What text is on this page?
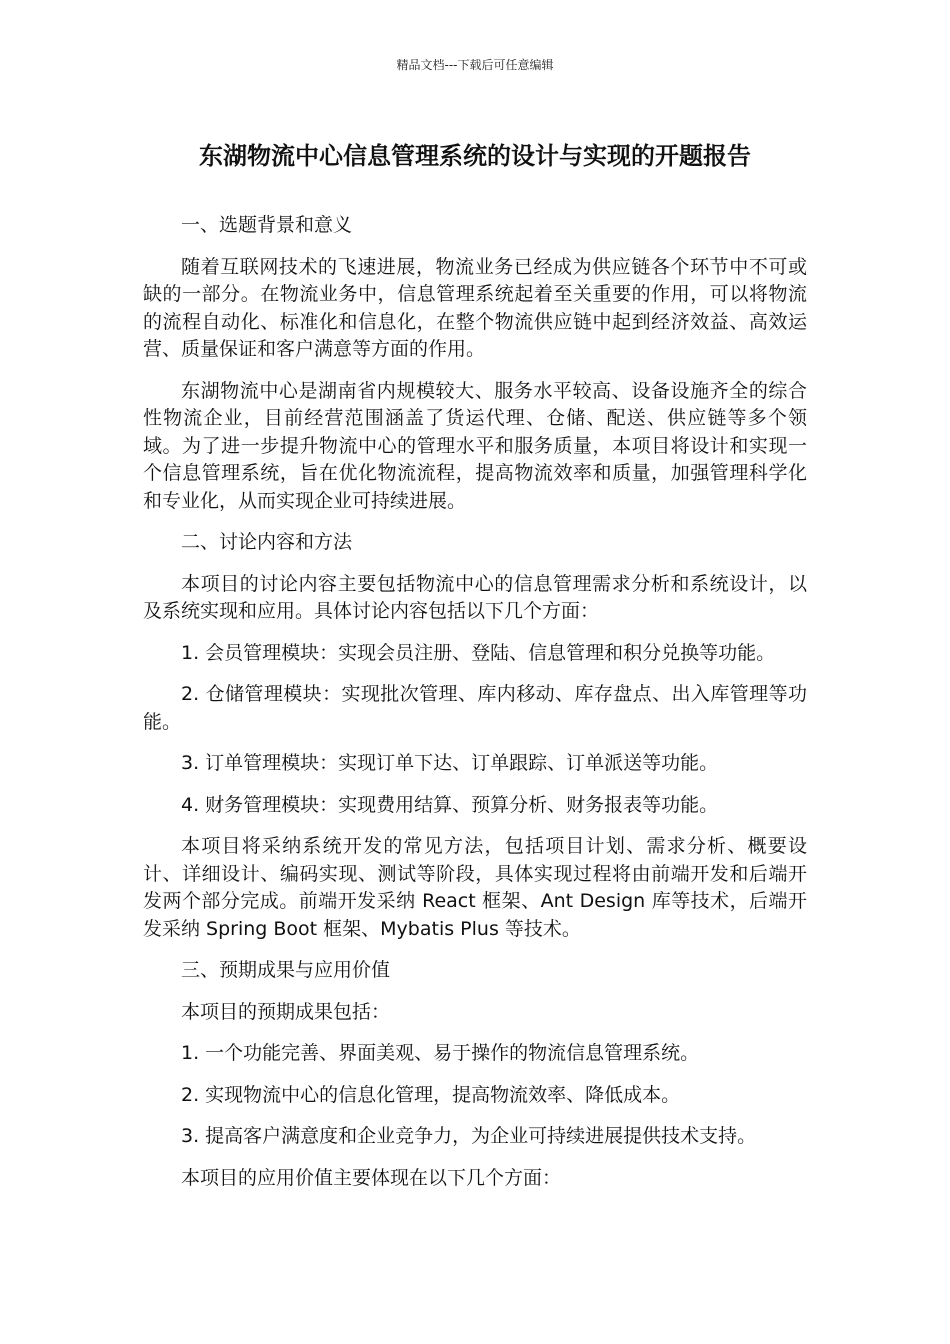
精品文档---下载后可任意编辑
东湖物流中心信息管理系统的设计与实现的开题报告

一、选题背景和意义

随着互联网技术的飞速进展，物流业务已经成为供应链各个环节中不可或缺的一部分。在物流业务中，信息管理系统起着至关重要的作用，可以将物流的流程自动化、标准化和信息化，在整个物流供应链中起到经济效益、高效运营、质量保证和客户满意等方面的作用。

东湖物流中心是湖南省内规模较大、服务水平较高、设备设施齐全的综合性物流企业，目前经营范围涵盖了货运代理、仓储、配送、供应链等多个领域。为了进一步提升物流中心的管理水平和服务质量，本项目将设计和实现一个信息管理系统，旨在优化物流流程，提高物流效率和质量，加强管理科学化和专业化，从而实现企业可持续进展。

二、讨论内容和方法

本项目的讨论内容主要包括物流中心的信息管理需求分析和系统设计，以及系统实现和应用。具体讨论内容包括以下几个方面：

1. 会员管理模块：实现会员注册、登陆、信息管理和积分兑换等功能。

2. 仓储管理模块：实现批次管理、库内移动、库存盘点、出入库管理等功能。

3. 订单管理模块：实现订单下达、订单跟踪、订单派送等功能。

4. 财务管理模块：实现费用结算、预算分析、财务报表等功能。

本项目将采纳系统开发的常见方法，包括项目计划、需求分析、概要设计、详细设计、编码实现、测试等阶段，具体实现过程将由前端开发和后端开发两个部分完成。前端开发采纳 React 框架、Ant Design 库等技术，后端开发采纳 Spring Boot 框架、Mybatis Plus 等技术。

三、预期成果与应用价值

本项目的预期成果包括：

1. 一个功能完善、界面美观、易于操作的物流信息管理系统。

2. 实现物流中心的信息化管理，提高物流效率、降低成本。

3. 提高客户满意度和企业竞争力，为企业可持续进展提供技术支持。

本项目的应用价值主要体现在以下几个方面：
